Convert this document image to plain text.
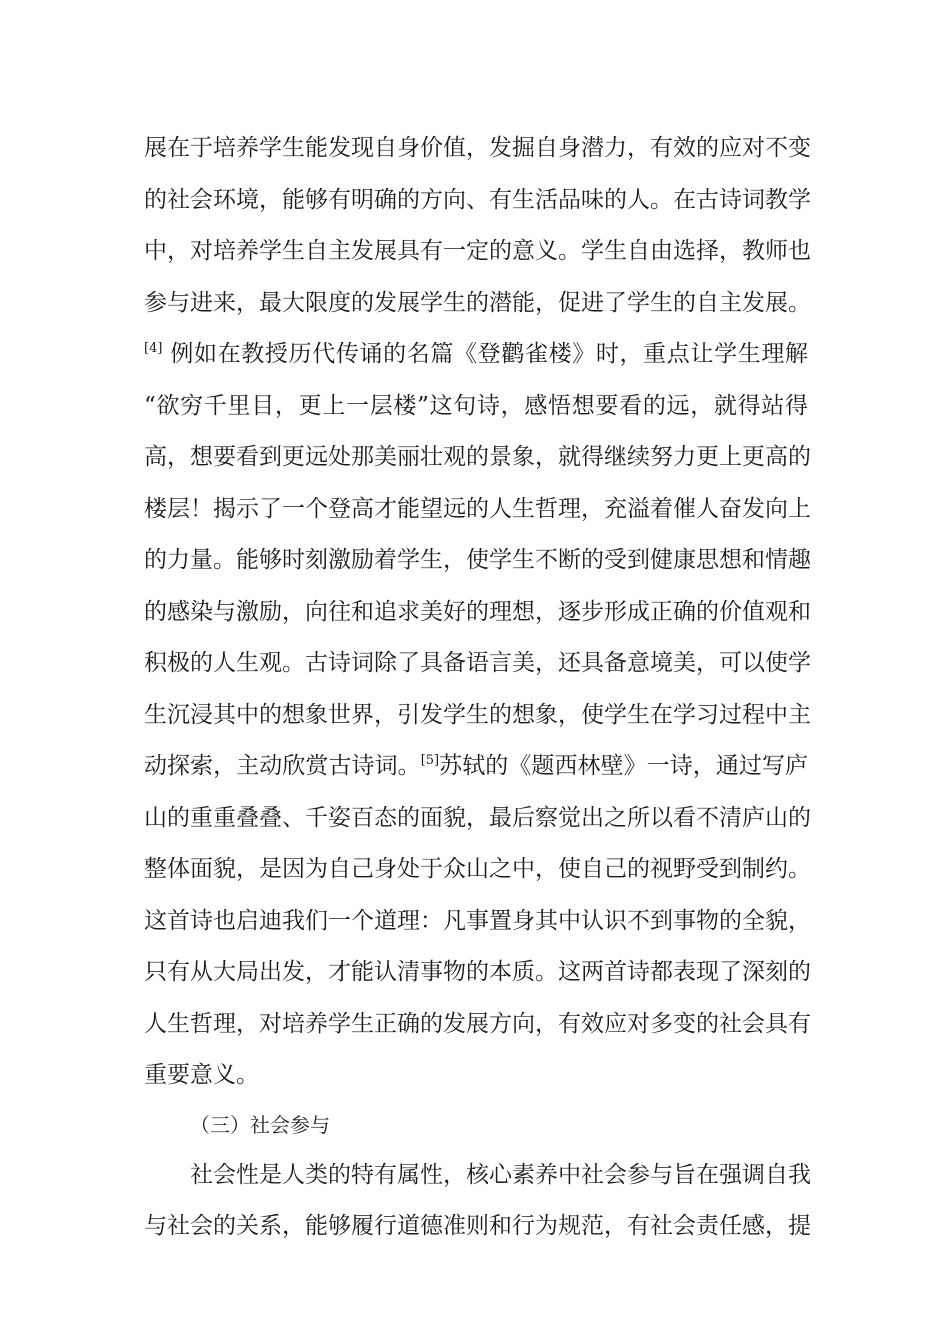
展在于培养学生能发现自身价值，发掘自身潜力，有效的应对不变
的社会环境，能够有明确的方向、有生活品味的人。在古诗词教学
中，对培养学生自主发展具有一定的意义。学生自由选择，教师也
参与进来，最大限度的发展学生的潜能，促进了学生的自主发展。
[4] 例如在教授历代传诵的名篇《登鹳雀楼》时，重点让学生理解
“欲穷千里目，更上一层楼”这句诗，感悟想要看的远，就得站得
高，想要看到更远处那美丽壮观的景象，就得继续努力更上更高的
楼层！揭示了一个登高才能望远的人生哲理，充溢着催人奋发向上
的力量。能够时刻激励着学生，使学生不断的受到健康思想和情趣
的感染与激励，向往和追求美好的理想，逐步形成正确的价值观和
积极的人生观。古诗词除了具备语言美，还具备意境美，可以使学
生沉浸其中的想象世界，引发学生的想象，使学生在学习过程中主
动探索，主动欣赏古诗词。[5]苏轼的《题西林壁》一诗，通过写庐
山的重重叠叠、千姿百态的面貌，最后察觉出之所以看不清庐山的
整体面貌，是因为自己身处于众山之中，使自己的视野受到制约。
这首诗也启迪我们一个道理：凡事置身其中认识不到事物的全貌，
只有从大局出发，才能认清事物的本质。这两首诗都表现了深刻的
人生哲理，对培养学生正确的发展方向，有效应对多变的社会具有
重要意义。
（三）社会参与
社会性是人类的特有属性，核心素养中社会参与旨在强调自我
与社会的关系，能够履行道德准则和行为规范，有社会责任感，提
